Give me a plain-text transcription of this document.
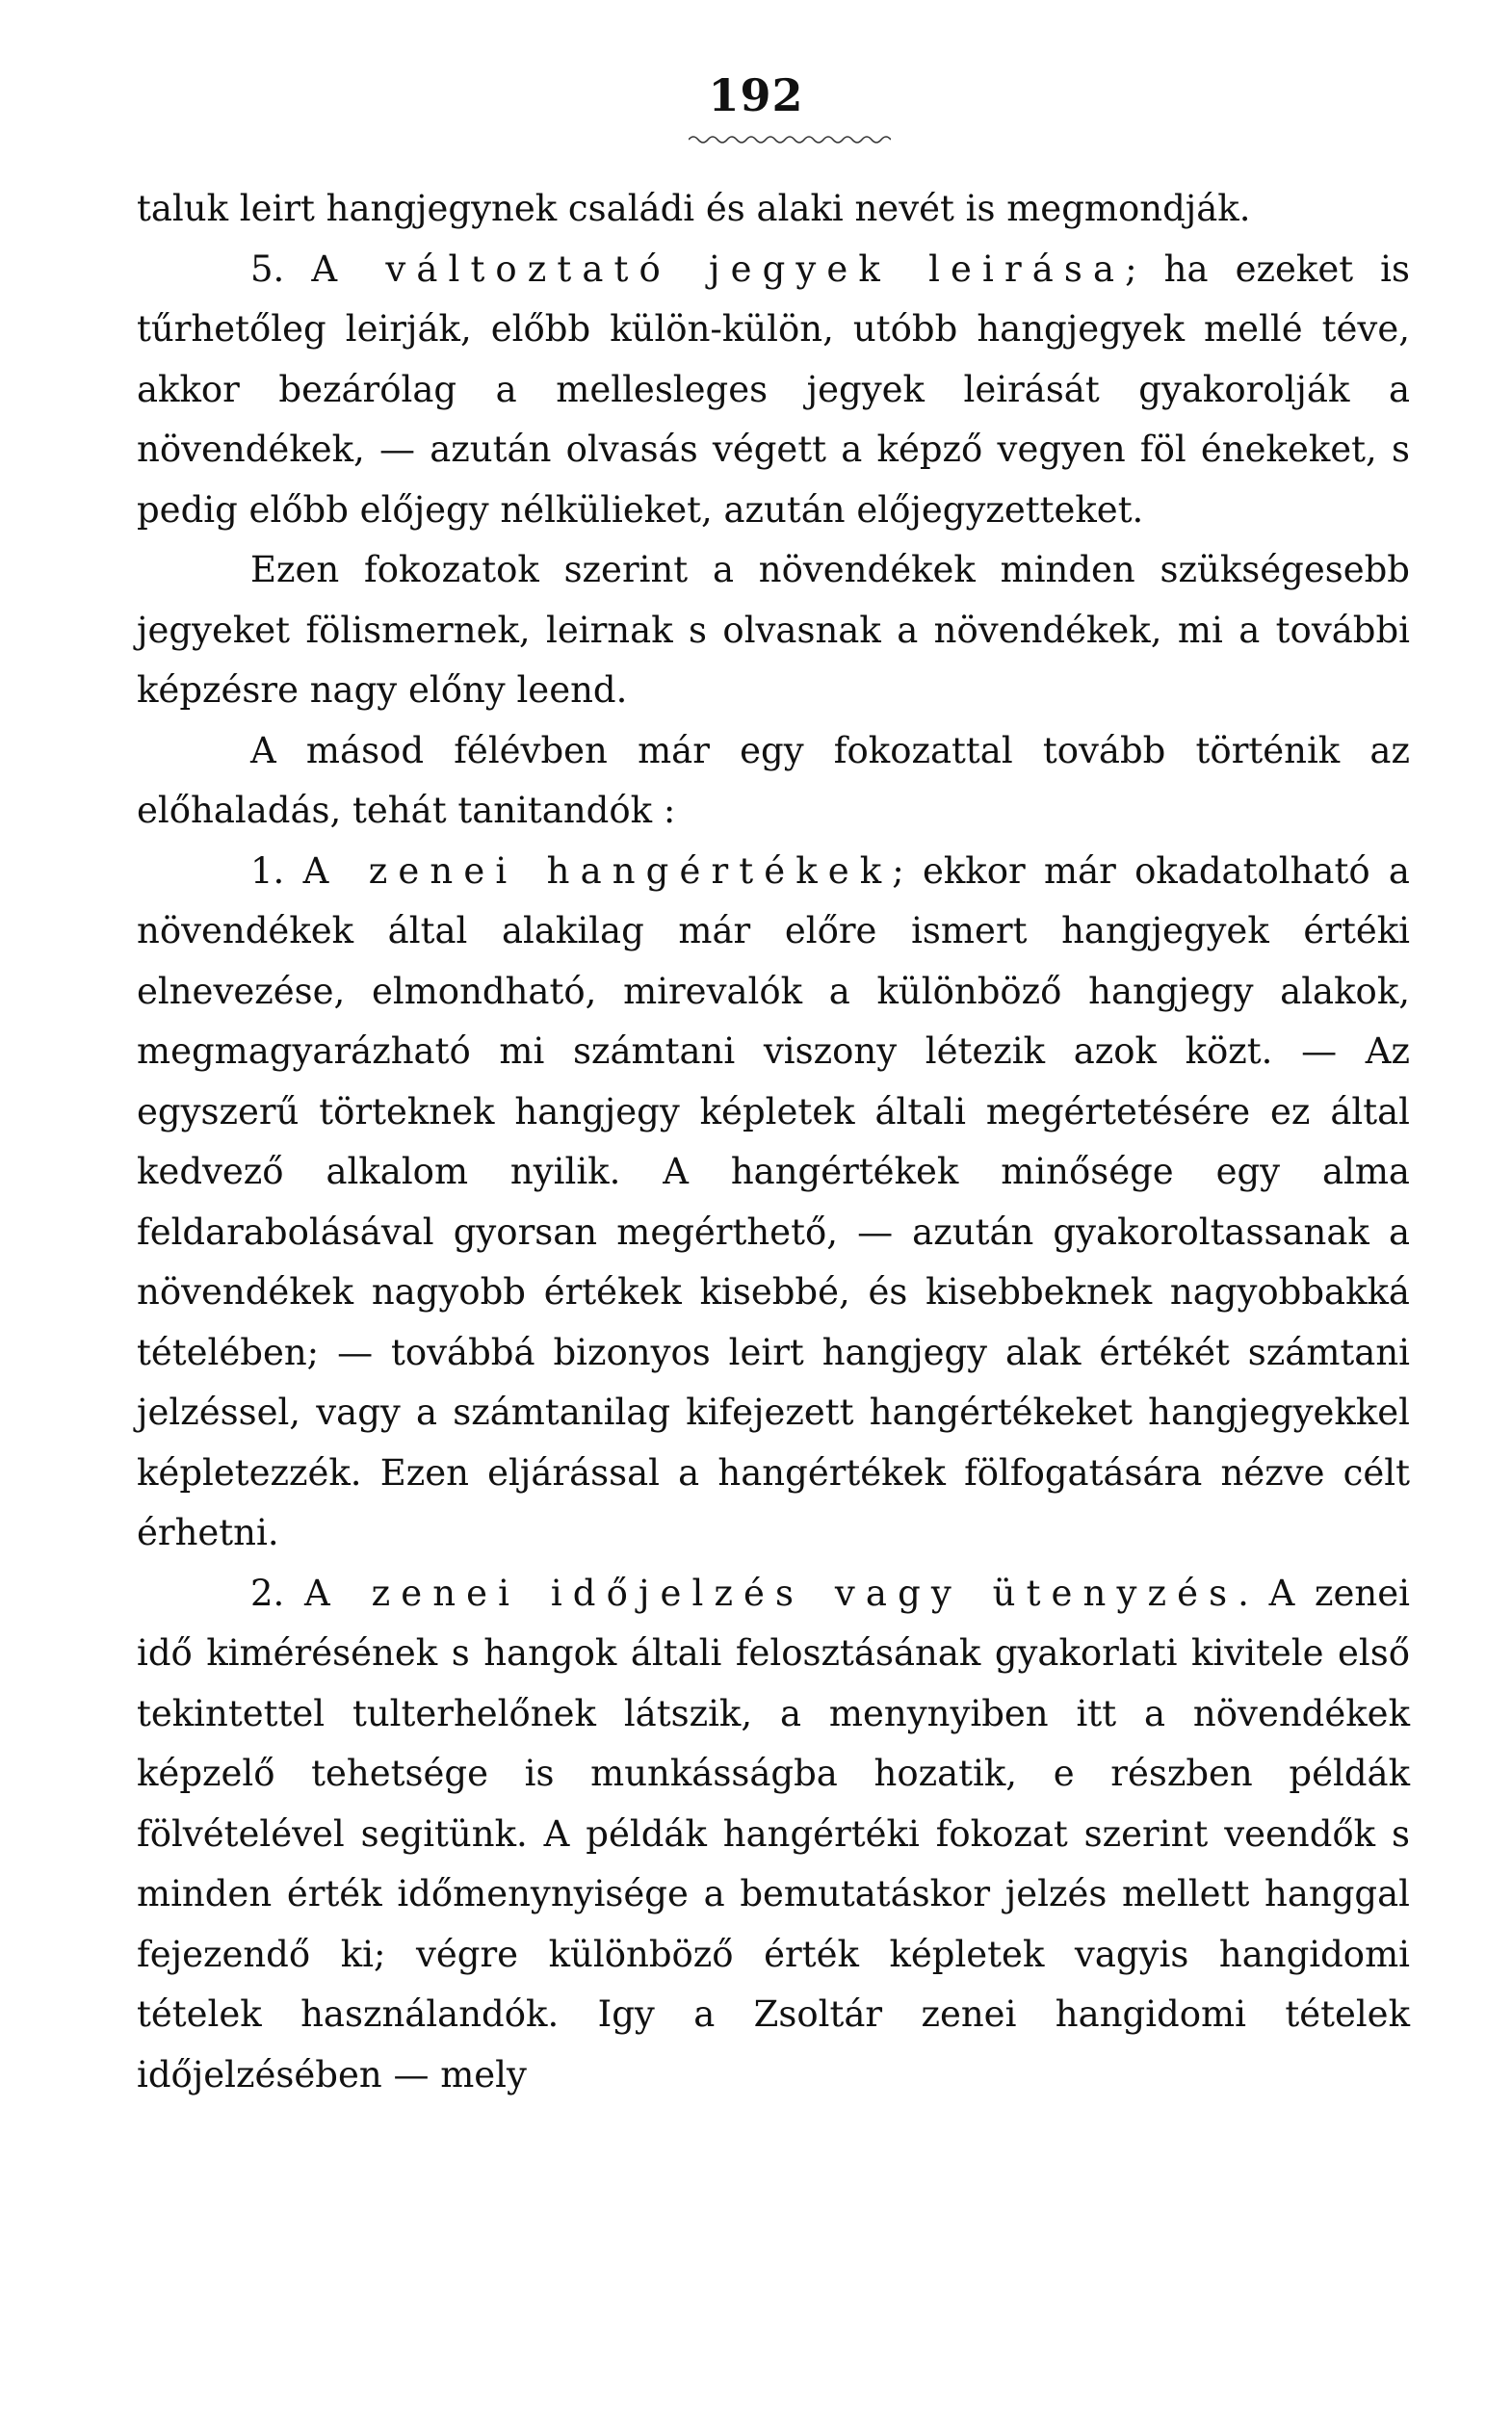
192

taluk leirt hangjegynek családi és alaki nevét is megmondják.

5. A változtató jegyek leirása; ha ezeket is tűrhetőleg leirják, előbb külön-külön, utóbb hangjegyek mellé téve, akkor bezárólag a mellesleges jegyek leirását gyakorolják a növendékek, — azután olvasás végett a képző vegyen föl énekeket, s pedig előbb előjegy nélkülieket, azután előjegyzetteket.

Ezen fokozatok szerint a növendékek minden szükségesebb jegyeket fölismernek, leirnak s olvasnak a növendékek, mi a további képzésre nagy előny leend.

A másod félévben már egy fokozattal tovább történik az előhaladás, tehát tanitandók :

1. A zenei hangértékek; ekkor már okadatolható a növendékek által alakilag már előre ismert hangjegyek értéki elnevezése, elmondható, mirevalók a különböző hangjegy alakok, megmagyarázható mi számtani viszony létezik azok közt. — Az egyszerű törteknek hangjegy képletek általi megértetésére ez által kedvező alkalom nyilik. A hangértékek minősége egy alma feldarabolásával gyorsan megérthető, — azután gyakoroltassanak a növendékek nagyobb értékek kisebbé, és kisebbeknek nagyobbakká tételében; — továbbá bizonyos leirt hangjegy alak értékét számtani jelzéssel, vagy a számtanilag kifejezett hangértékeket hangjegyekkel képletezzék. Ezen eljárással a hangértékek fölfogatására nézve célt érhetni.

2. A zenei időjelzés vagy ütenyzés. A zenei idő kimérésének s hangok általi felosztásának gyakorlati kivitele első tekintettel tulterhelőnek látszik, a menynyiben itt a növendékek képzelő tehetsége is munkásságba hozatik, e részben példák fölvételével segitünk. A példák hangértéki fokozat szerint veendők s minden érték időmenynyisége a bemutatáskor jelzés mellett hanggal fejezendő ki; végre különböző érték képletek vagyis hangidomi tételek használandók. Igy a Zsoltár zenei hangidomi tételek időjelzésében — mely
